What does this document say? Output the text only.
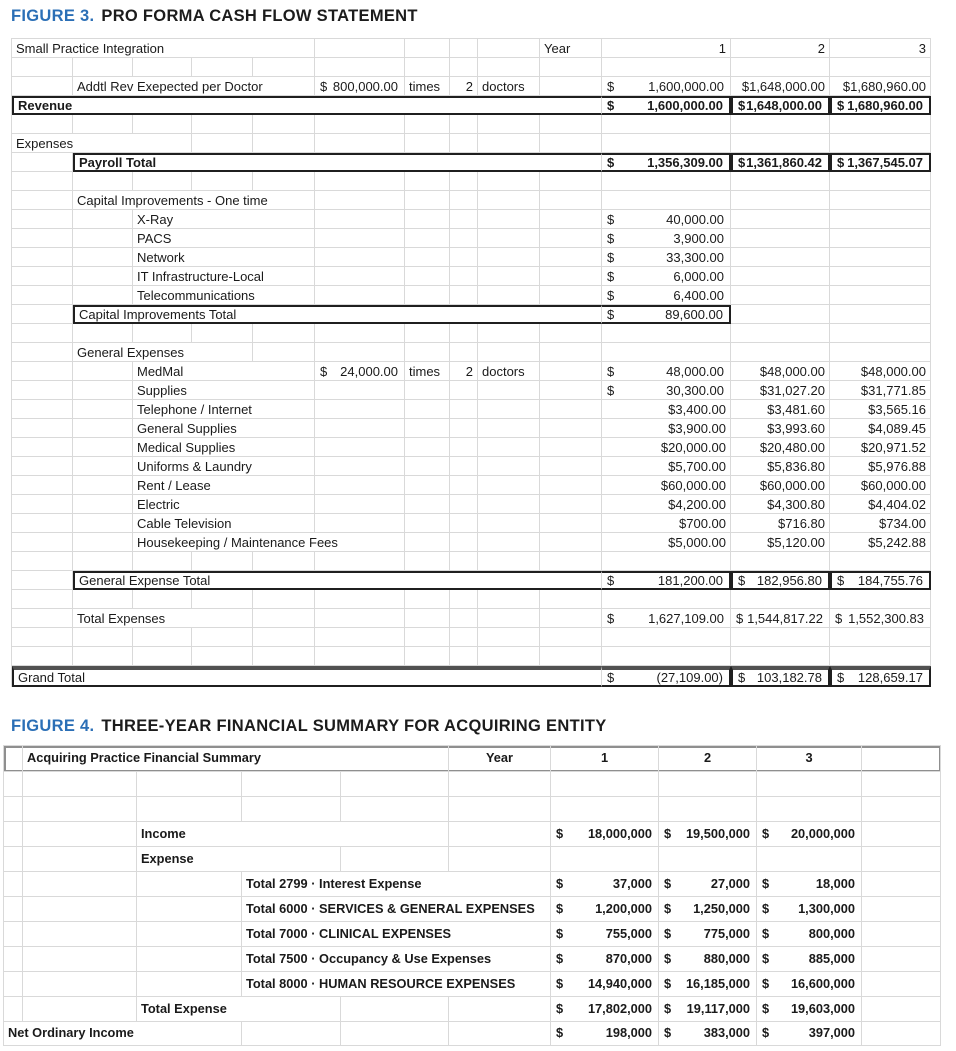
FIGURE 3. PRO FORMA CASH FLOW STATEMENT
Small Practice Integration	Year	1	2	3
Addtl Rev Exepected per Doctor	$ 800,000.00 times	2 doctors	$	1,600,000.00	$1,648,000.00	$1,680,960.00
Revenue	$	1,600,000.00 $ 1,648,000.00 $ 1,680,960.00
Expenses
Payroll Total	$	1,356,309.00 $ 1,361,860.42 $ 1,367,545.07
Capital Improvements - One time
X-Ray	$	40,000.00
PACS	$	3,900.00
Network	$	33,300.00
IT Infrastructure-Local	$	6,000.00
Telecommunications	$	6,400.00
Capital Improvements Total	$	89,600.00
General Expenses
MedMal	$ 24,000.00 times	2 doctors	$	48,000.00	$48,000.00	$48,000.00
Supplies	$	30,300.00	$31,027.20	$31,771.85
Telephone / Internet	$3,400.00	$3,481.60	$3,565.16
General Supplies	$3,900.00	$3,993.60	$4,089.45
Medical Supplies	$20,000.00	$20,480.00	$20,971.52
Uniforms & Laundry	$5,700.00	$5,836.80	$5,976.88
Rent / Lease	$60,000.00	$60,000.00	$60,000.00
Electric	$4,200.00	$4,300.80	$4,404.02
Cable Television	$700.00	$716.80	$734.00
Housekeeping / Maintenance Fees	$5,000.00	$5,120.00	$5,242.88
General Expense Total	$	181,200.00 $ 182,956.80 $ 184,755.76
Total Expenses	$	1,627,109.00 $ 1,544,817.22 $ 1,552,300.83
Grand Total	$	(27,109.00) $ 103,182.78 $ 128,659.17
FIGURE 4. THREE-YEAR FINANCIAL SUMMARY FOR ACQUIRING ENTITY
Acquiring Practice Financial Summary	Year	1	2	3
Income	$ 18,000,000 $ 19,500,000 $ 20,000,000
Expense
Total 2799 · Interest Expense	$	37,000 $	27,000 $	18,000
Total 6000 · SERVICES & GENERAL EXPENSES	$ 1,200,000 $ 1,250,000 $ 1,300,000
Total 7000 · CLINICAL EXPENSES	$	755,000 $	775,000 $	800,000
Total 7500 · Occupancy & Use Expenses	$	870,000 $	880,000 $	885,000
Total 8000 · HUMAN RESOURCE EXPENSES	$ 14,940,000 $ 16,185,000 $ 16,600,000
Total Expense	$ 17,802,000 $ 19,117,000 $ 19,603,000
Net Ordinary Income	$	198,000 $	383,000 $	397,000
